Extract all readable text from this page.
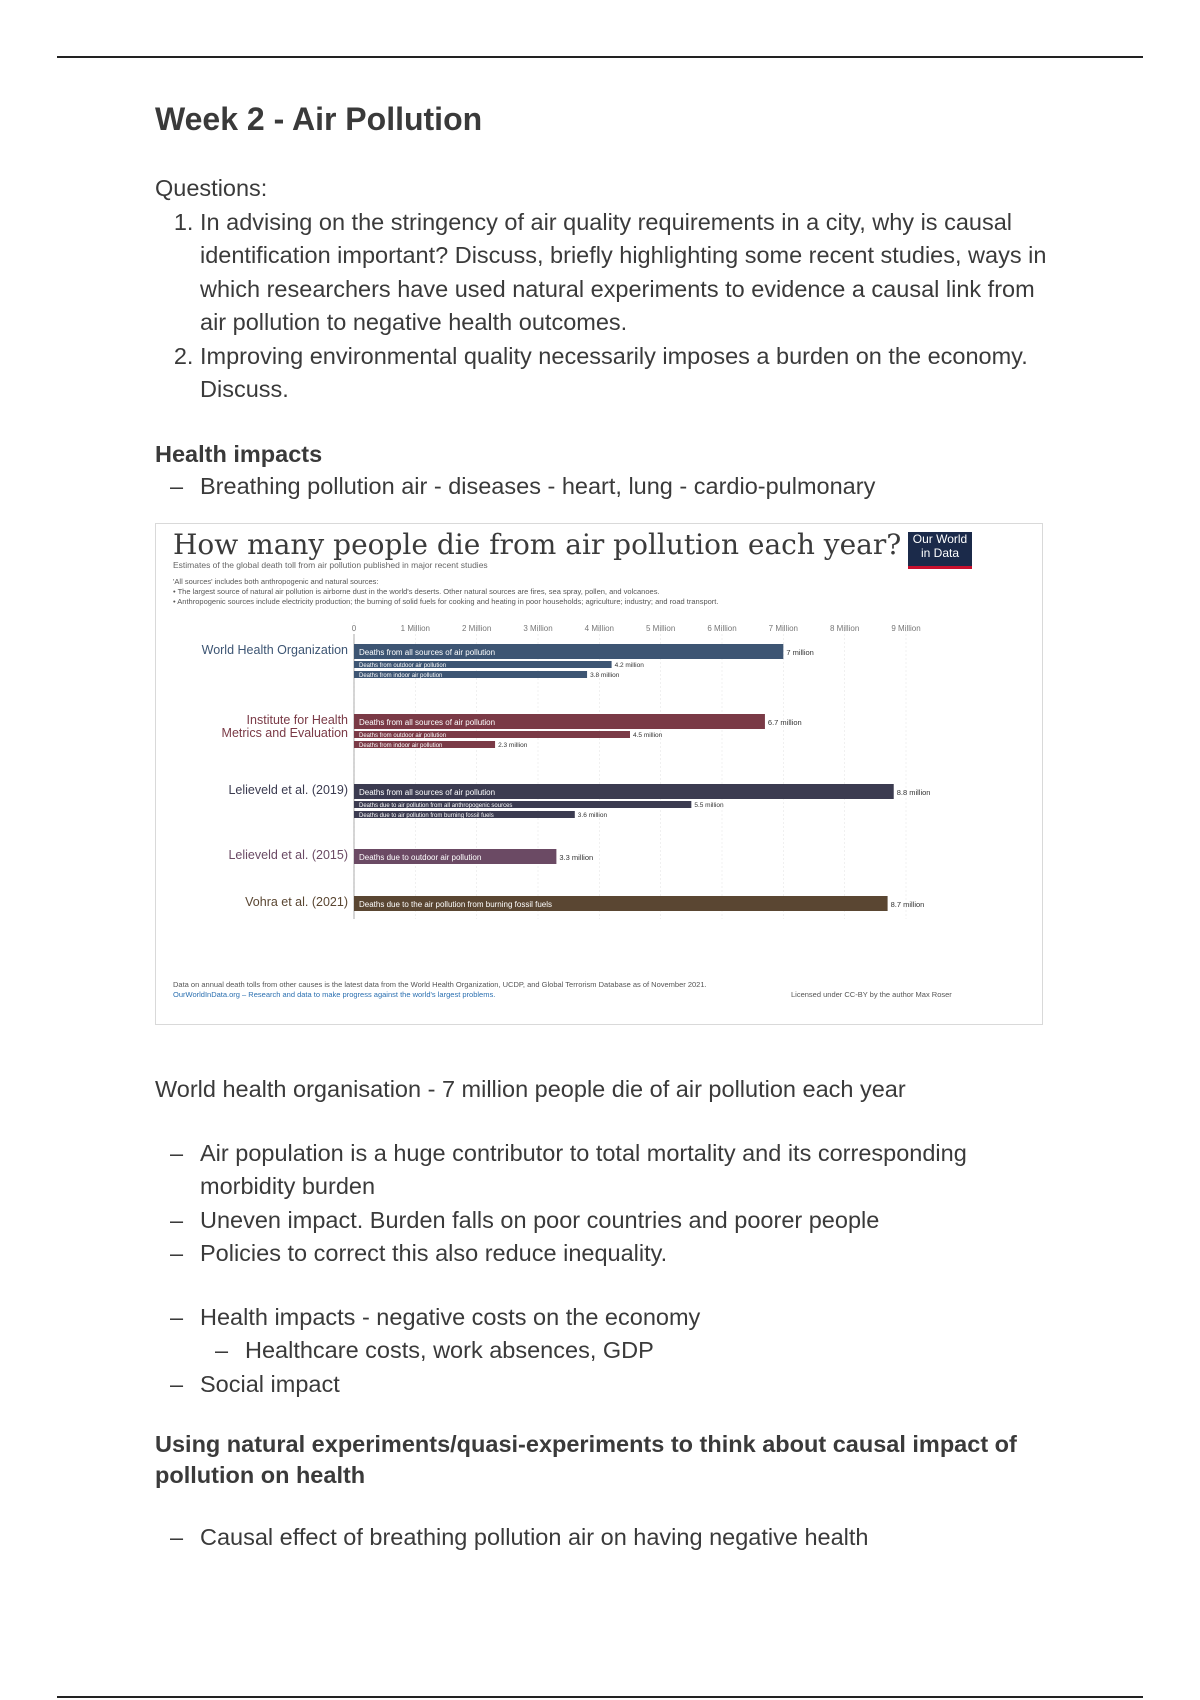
Week 2 - Air Pollution

Questions:

1. In advising on the stringency of air quality requirements in a city, why is causal identification important? Discuss, briefly highlighting some recent studies, ways in which researchers have used natural experiments to evidence a causal link from air pollution to negative health outcomes.
2. Improving environmental quality necessarily imposes a burden on the economy. Discuss.

Health impacts

– Breathing pollution air - diseases - heart, lung - cardio-pulmonary
How many people die from air pollution each year? Our World in Data
Estimates of the global death toll from air pollution published in major recent studies
'All sources' includes both anthropogenic and natural sources:
• The largest source of natural air pollution is airborne dust in the world's deserts. Other natural sources are fires, sea spray, pollen, and volcanoes.
• Anthropogenic sources include electricity production; the burning of solid fuels for cooking and heating in poor households; agriculture; industry; and road transport.
0	1 Million	2 Million	3 Million	4 Million	5 Million	6 Million	7 Million	8 Million	9 Million
World Health Organization Deaths from all sources of air pollution	7 million
Deaths from outdoor air pollution	4.2 million
Deaths from indoor air pollution	3.8 million
Institute for Health
Metrics and Evaluation
Deaths from all sources of air pollution	6.7 million
Deaths from outdoor air pollution	4.5 million
Deaths from indoor air pollution	2.3 million
Lelieveld et al. (2019) Deaths from all sources of air pollution	8.8 million
Deaths due to air pollution from all anthropogenic sources	5.5 million
Deaths due to air pollution from burning fossil fuels	3.6 million
Lelieveld et al. (2015) Deaths due to outdoor air pollution	3.3 million
Vohra et al. (2021) Deaths due to the air pollution from burning fossil fuels	8.7 million
Data on annual death tolls from other causes is the latest data from the World Health Organization, UCDP, and Global Terrorism Database as of November 2021.
OurWorldInData.org – Research and data to make progress against the world's largest problems.	Licensed under CC-BY by the author Max Roser

World health organisation - 7 million people die of air pollution each year

– Air population is a huge contributor to total mortality and its corresponding morbidity burden
– Uneven impact. Burden falls on poor countries and poorer people
– Policies to correct this also reduce inequality.
– Health impacts - negative costs on the economy
– Healthcare costs, work absences, GDP
– Social impact

Using natural experiments/quasi-experiments to think about causal impact of pollution on health

– Causal effect of breathing pollution air on having negative health
